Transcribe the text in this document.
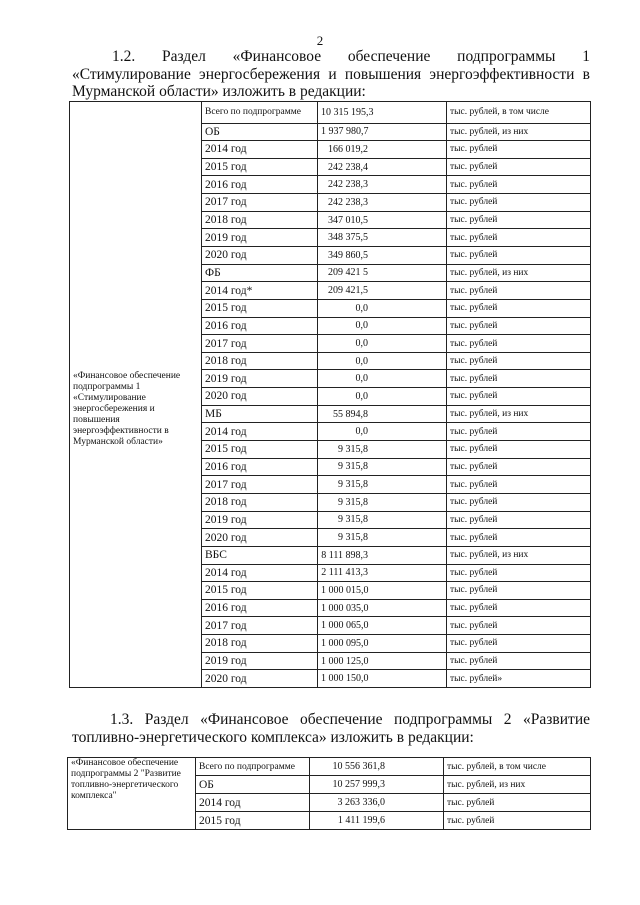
2
1.2. Раздел «Финансовое обеспечение подпрограммы 1
«Стимулирование энергосбережения и повышения энергоэффективности в
Мурманской области» изложить в редакции:
«Финансовое обеспечение подпрограммы 1 «Стимулирование энергосбережения и повышения энергоэффективности в Мурманской области»	Всего по подпрограмме	10 315 195,3	тыс. рублей, в том числе
	ОБ	1 937 980,7	тыс. рублей, из них
	2014 год	166 019,2	тыс. рублей
	2015 год	242 238,4	тыс. рублей
	2016 год	242 238,3	тыс. рублей
	2017 год	242 238,3	тыс. рублей
	2018 год	347 010,5	тыс. рублей
	2019 год	348 375,5	тыс. рублей
	2020 год	349 860,5	тыс. рублей
	ФБ	209 421 5	тыс. рублей, из них
	2014 год*	209 421,5	тыс. рублей
	2015 год	0,0	тыс. рублей
	2016 год	0,0	тыс. рублей
	2017 год	0,0	тыс. рублей
	2018 год	0,0	тыс. рублей
	2019 год	0,0	тыс. рублей
	2020 год	0,0	тыс. рублей
	МБ	55 894,8	тыс. рублей, из них
	2014 год	0,0	тыс. рублей
	2015 год	9 315,8	тыс. рублей
	2016 год	9 315,8	тыс. рублей
	2017 год	9 315,8	тыс. рублей
	2018 год	9 315,8	тыс. рублей
	2019 год	9 315,8	тыс. рублей
	2020 год	9 315,8	тыс. рублей
	ВБС	8 111 898,3	тыс. рублей, из них
	2014 год	2 111 413,3	тыс. рублей
	2015 год	1 000 015,0	тыс. рублей
	2016 год	1 000 035,0	тыс. рублей
	2017 год	1 000 065,0	тыс. рублей
	2018 год	1 000 095,0	тыс. рублей
	2019 год	1 000 125,0	тыс. рублей
	2020 год	1 000 150,0	тыс. рублей»
1.3. Раздел «Финансовое обеспечение подпрограммы 2 «Развитие
топливно-энергетического комплекса» изложить в редакции:
«Финансовое обеспечение подпрограммы 2 "Развитие топливно-энергетического комплекса"	Всего по подпрограмме	10 556 361,8	тыс. рублей, в том числе
	ОБ	10 257 999,3	тыс. рублей, из них
	2014 год	3 263 336,0	тыс. рублей
	2015 год	1 411 199,6	тыс. рублей
